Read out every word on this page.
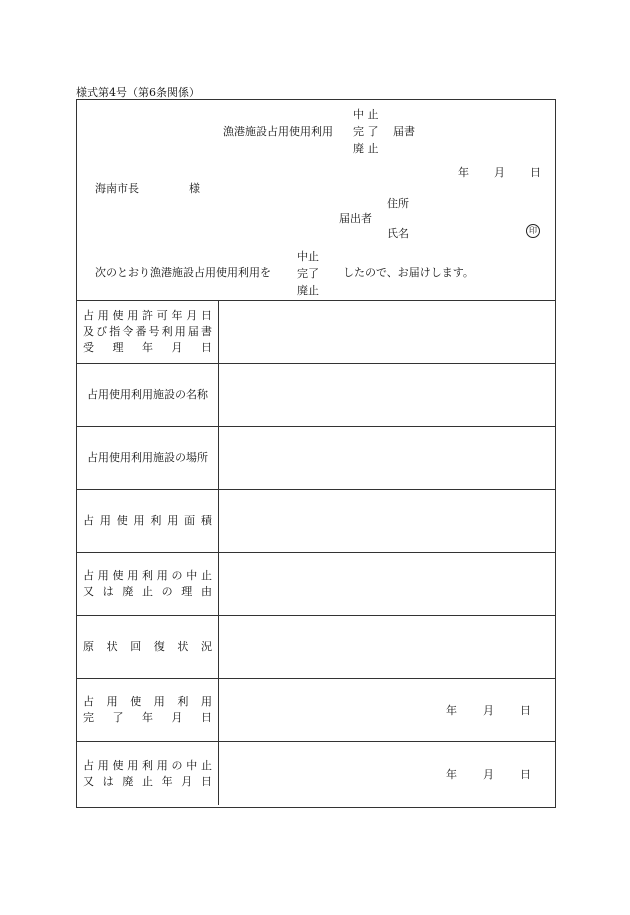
様式第4号（第6条関係）
漁港施設占用使用利用
中 止
完 了
廃 止
届書
年 月 日
海南市長	様
住所
届出者
氏名	印
次のとおり漁港施設占用使用利用を
中止
完了
廃止
したので、お届けします。
占 用 使 用 許 可 年 月 日
及 び 指 令 番 号 利 用 届 書
受 理 年 月 日
占用使用利用施設の名称
占用使用利用施設の場所
占 用 使 用 利 用 面 積
占 用 使 用 利 用 の 中 止
又 は 廃 止 の 理 由
原 状 回 復 状 況
占 用 使 用 利 用
完 了 年 月 日
年 月 日
占 用 使 用 利 用 の 中 止
又 は 廃 止 年 月 日
年 月 日
